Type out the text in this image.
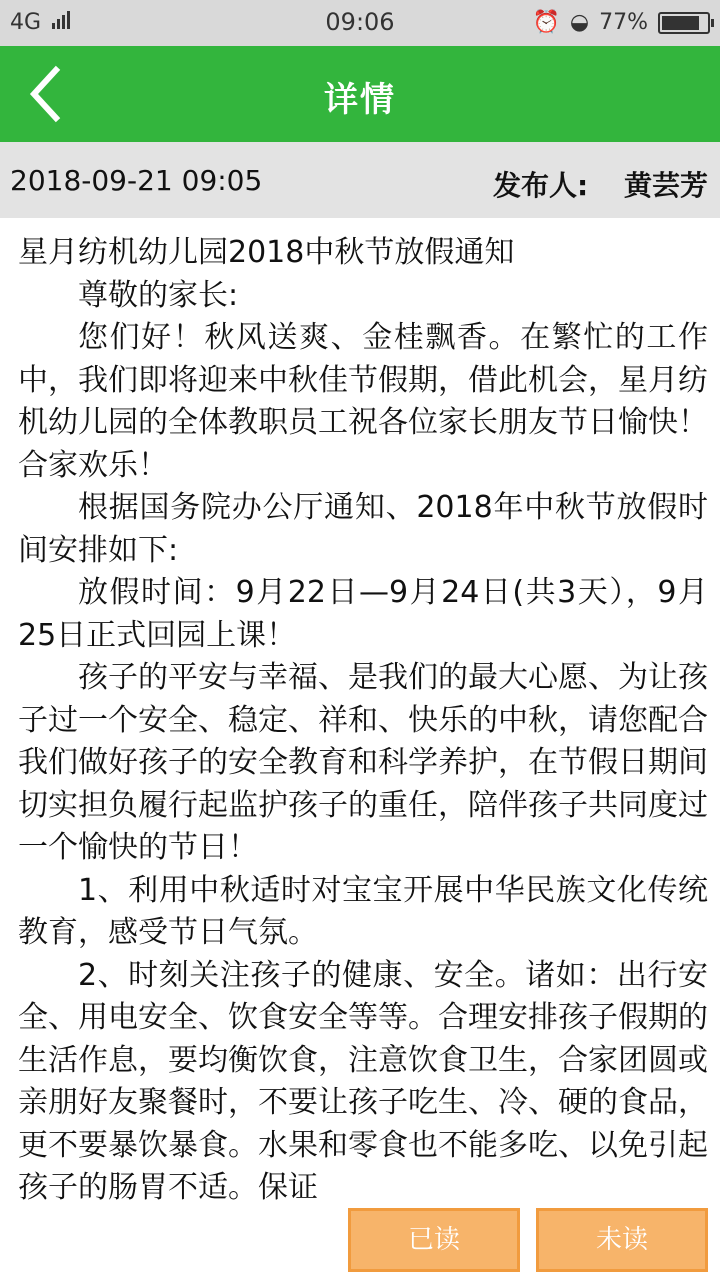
4G	09:06	⏰ ◒ 77%
详情
2018-09-21 09:05	发布人: 黄芸芳

星月纺机幼儿园2018中秋节放假通知

尊敬的家长:

您们好！秋风送爽、金桂飘香。在繁忙的工作中，我们即将迎来中秋佳节假期，借此机会，星月纺机幼儿园的全体教职员工祝各位家长朋友节日愉快！合家欢乐！

根据国务院办公厅通知、2018年中秋节放假时间安排如下:

放假时间：9月22日—9月24日(共3天），9月25日正式回园上课！

孩子的平安与幸福、是我们的最大心愿、为让孩子过一个安全、稳定、祥和、快乐的中秋，请您配合我们做好孩子的安全教育和科学养护，在节假日期间切实担负履行起监护孩子的重任，陪伴孩子共同度过一个愉快的节日！

1、利用中秋适时对宝宝开展中华民族文化传统教育，感受节日气氛。

2、时刻关注孩子的健康、安全。诸如：出行安全、用电安全、饮食安全等等。合理安排孩子假期的生活作息，要均衡饮食，注意饮食卫生，合家团圆或亲朋好友聚餐时，不要让孩子吃生、冷、硬的食品，更不要暴饮暴食。水果和零食也不能多吃、以免引起孩子的肠胃不适。保证

已读	未读
